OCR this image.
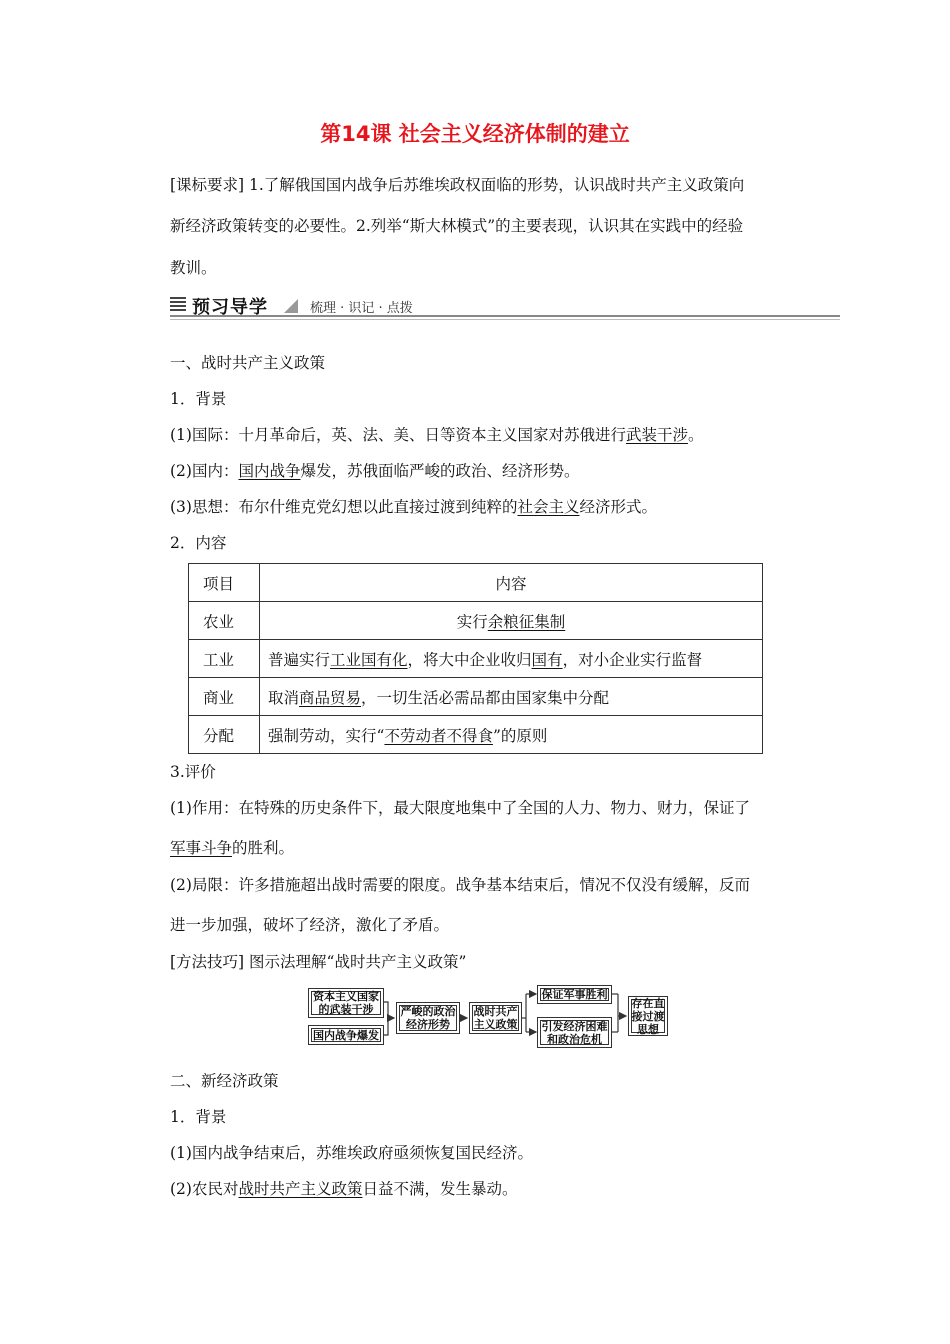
第14课 社会主义经济体制的建立
[课标要求] 1.了解俄国国内战争后苏维埃政权面临的形势，认识战时共产主义政策向
新经济政策转变的必要性。2.列举“斯大林模式”的主要表现，认识其在实践中的经验
教训。
预习导学	梳理 · 识记 · 点拨
一、战时共产主义政策
1．背景
(1)国际：十月革命后，英、法、美、日等资本主义国家对苏俄进行武装干涉。
(2)国内：国内战争爆发，苏俄面临严峻的政治、经济形势。
(3)思想：布尔什维克党幻想以此直接过渡到纯粹的社会主义经济形式。
2．内容
项目	内容
农业	实行余粮征集制
工业	普遍实行工业国有化，将大中企业收归国有，对小企业实行监督
商业	取消商品贸易，一切生活必需品都由国家集中分配
分配	强制劳动，实行“不劳动者不得食”的原则
3.评价
(1)作用：在特殊的历史条件下，最大限度地集中了全国的人力、物力、财力，保证了
军事斗争的胜利。
(2)局限：许多措施超出战时需要的限度。战争基本结束后，情况不仅没有缓解，反而
进一步加强，破坏了经济，激化了矛盾。
[方法技巧] 图示法理解“战时共产主义政策”
资本主义国家的武装干涉
国内战争爆发
严峻的政治经济形势
战时共产主义政策
保证军事胜利
引发经济困难和政治危机
存在直接过渡思想
二、新经济政策
1．背景
(1)国内战争结束后，苏维埃政府亟须恢复国民经济。
(2)农民对战时共产主义政策日益不满，发生暴动。
